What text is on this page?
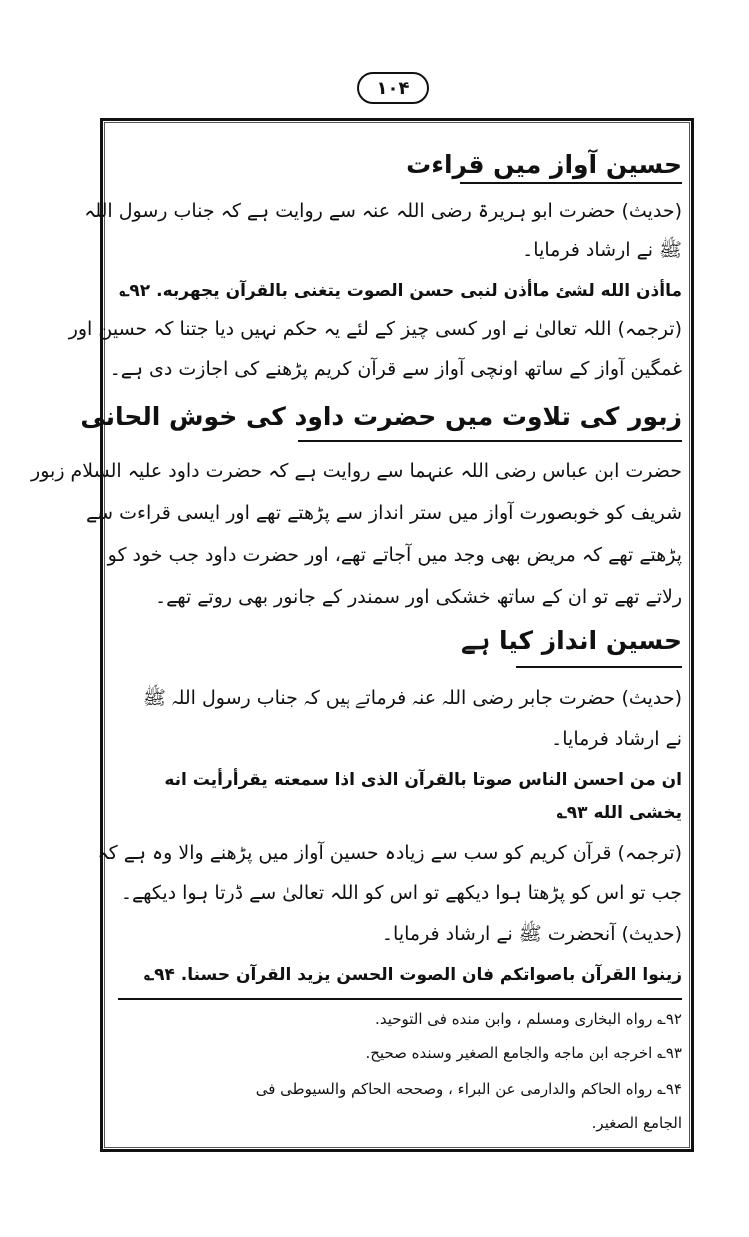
۱۰۴
حسین آواز میں قراءت
(حدیث) حضرت ابو ہریرۃ رضی اللہ عنہ سے روایت ہے کہ جناب رسول اللہ
ﷺ نے ارشاد فرمایا۔
ماأذن الله لشئ ماأذن لنبى حسن الصوت يتغنى بالقرآن يجهربه. ۹۲؎
(ترجمہ) اللہ تعالیٰ نے اور کسی چیز کے لئے یہ حکم نہیں دیا جتنا کہ حسین اور
غمگین آواز کے ساتھ اونچی آواز سے قرآن کریم پڑھنے کی اجازت دی ہے۔
زبور کی تلاوت میں حضرت داود کی خوش الحانی
حضرت ابن عباس رضی اللہ عنہما سے روایت ہے کہ حضرت داود علیہ السلام زبور
شریف کو خوبصورت آواز میں ستر انداز سے پڑھتے تھے اور ایسی قراءت سے
پڑھتے تھے کہ مریض بھی وجد میں آجاتے تھے، اور حضرت داود جب خود کو
رلاتے تھے تو ان کے ساتھ خشکی اور سمندر کے جانور بھی روتے تھے۔
حسین انداز کیا ہے
(حدیث) حضرت جابر رضی اللہ عنہ فرماتے ہیں کہ جناب رسول اللہ ﷺ
نے ارشاد فرمایا۔
ان من احسن الناس صوتا بالقرآن الذى اذا سمعته يقرأرأيت انه
يخشى الله ۹۳؎
(ترجمہ) قرآن کریم کو سب سے زیادہ حسین آواز میں پڑھنے والا وہ ہے کہ
جب تو اس کو پڑھتا ہوا دیکھے تو اس کو اللہ تعالیٰ سے ڈرتا ہوا دیکھے۔
(حدیث) آنحضرت ﷺ نے ارشاد فرمایا۔
زينوا القرآن باصواتكم فان الصوت الحسن يزيد القرآن حسنا. ۹۴؎
۹۲؎ رواه البخارى ومسلم ، وابن منده فى التوحيد.
۹۳؎ اخرجه ابن ماجه والجامع الصغير وسنده صحيح.
۹۴؎ رواه الحاكم والدارمى عن البراء ، وصححه الحاكم والسيوطى فى
الجامع الصغير.
